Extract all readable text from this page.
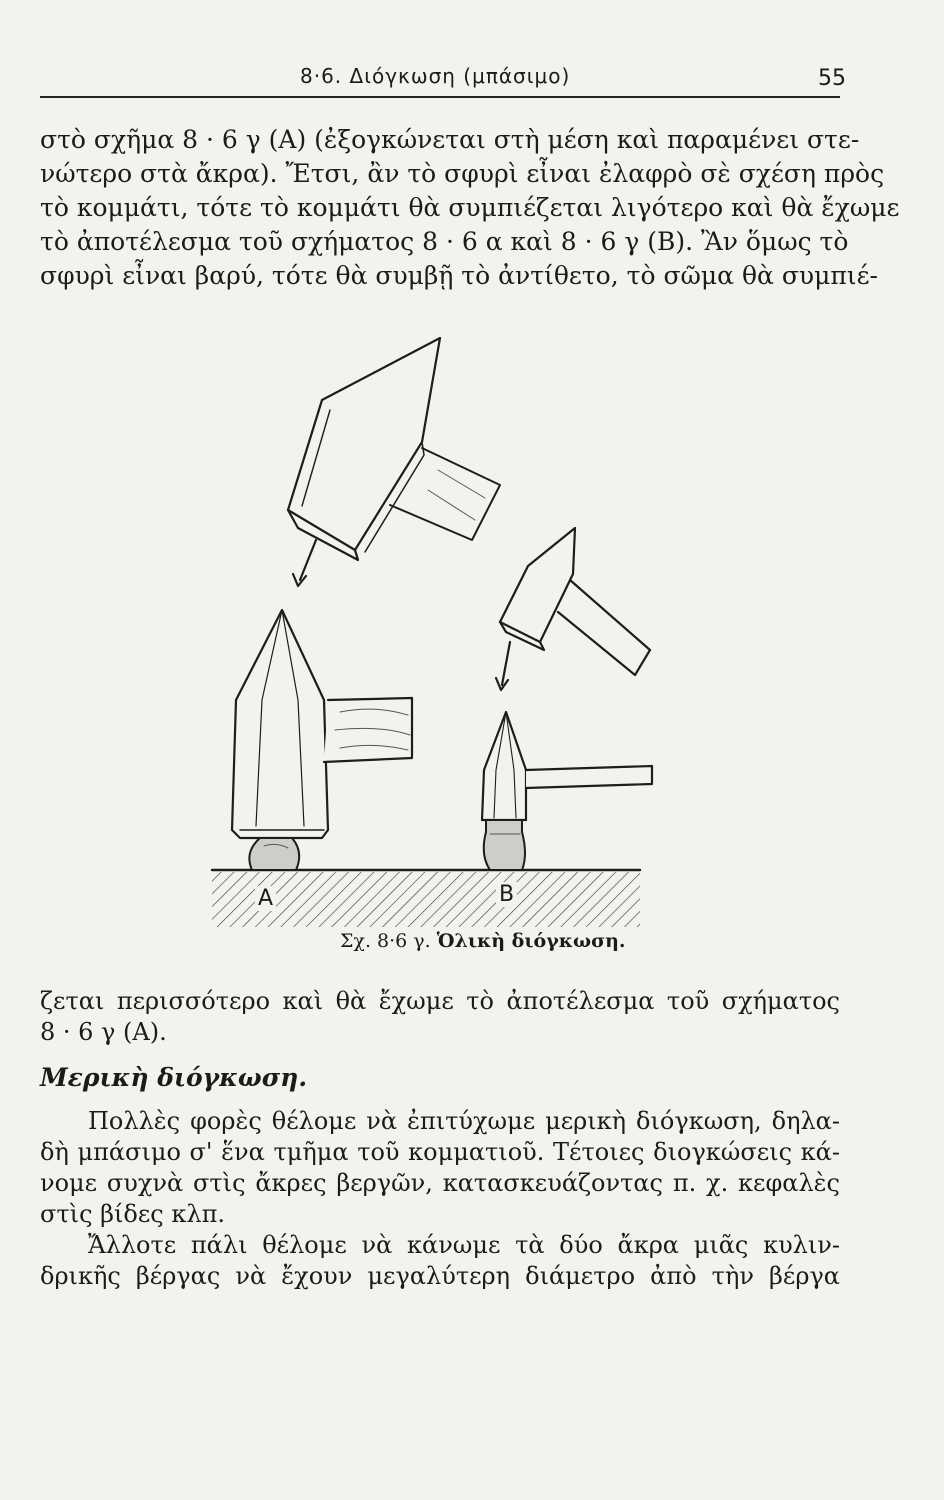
8·6. Διόγκωση (μπάσιμο)	55
στὸ σχῆμα 8 · 6 γ (Α) (ἐξογκώνεται στὴ μέση καὶ παραμένει στε-
νώτερο στὰ ἄκρα). Ἔτσι, ἂν τὸ σφυρὶ εἶναι ἐλαφρὸ σὲ σχέση πρὸς
τὸ κομμάτι, τότε τὸ κομμάτι θὰ συμπιέζεται λιγότερο καὶ θὰ ἔχωμε
τὸ ἀποτέλεσμα τοῦ σχήματος 8 · 6 α καὶ 8 · 6 γ (Β). Ἂν ὅμως τὸ
σφυρὶ εἶναι βαρύ, τότε θὰ συμβῇ τὸ ἀντίθετο, τὸ σῶμα θὰ συμπιέ-
A	B
Σχ. 8·6 γ. Ὁλικὴ διόγκωση.
ζεται περισσότερο καὶ θὰ ἔχωμε τὸ ἀποτέλεσμα τοῦ σχήματος
8 · 6 γ (Α).
Μερικὴ διόγκωση.
Πολλὲς φορὲς θέλομε νὰ ἐπιτύχωμε μερικὴ διόγκωση, δηλα-
δὴ μπάσιμο σ' ἕνα τμῆμα τοῦ κομματιοῦ. Τέτοιες διογκώσεις κά-
νομε συχνὰ στὶς ἄκρες βεργῶν, κατασκευάζοντας π. χ. κεφαλὲς
στὶς βίδες κλπ.
Ἄλλοτε πάλι θέλομε νὰ κάνωμε τὰ δύο ἄκρα μιᾶς κυλιν-
δρικῆς βέργας νὰ ἔχουν μεγαλύτερη διάμετρο ἀπὸ τὴν βέργα
